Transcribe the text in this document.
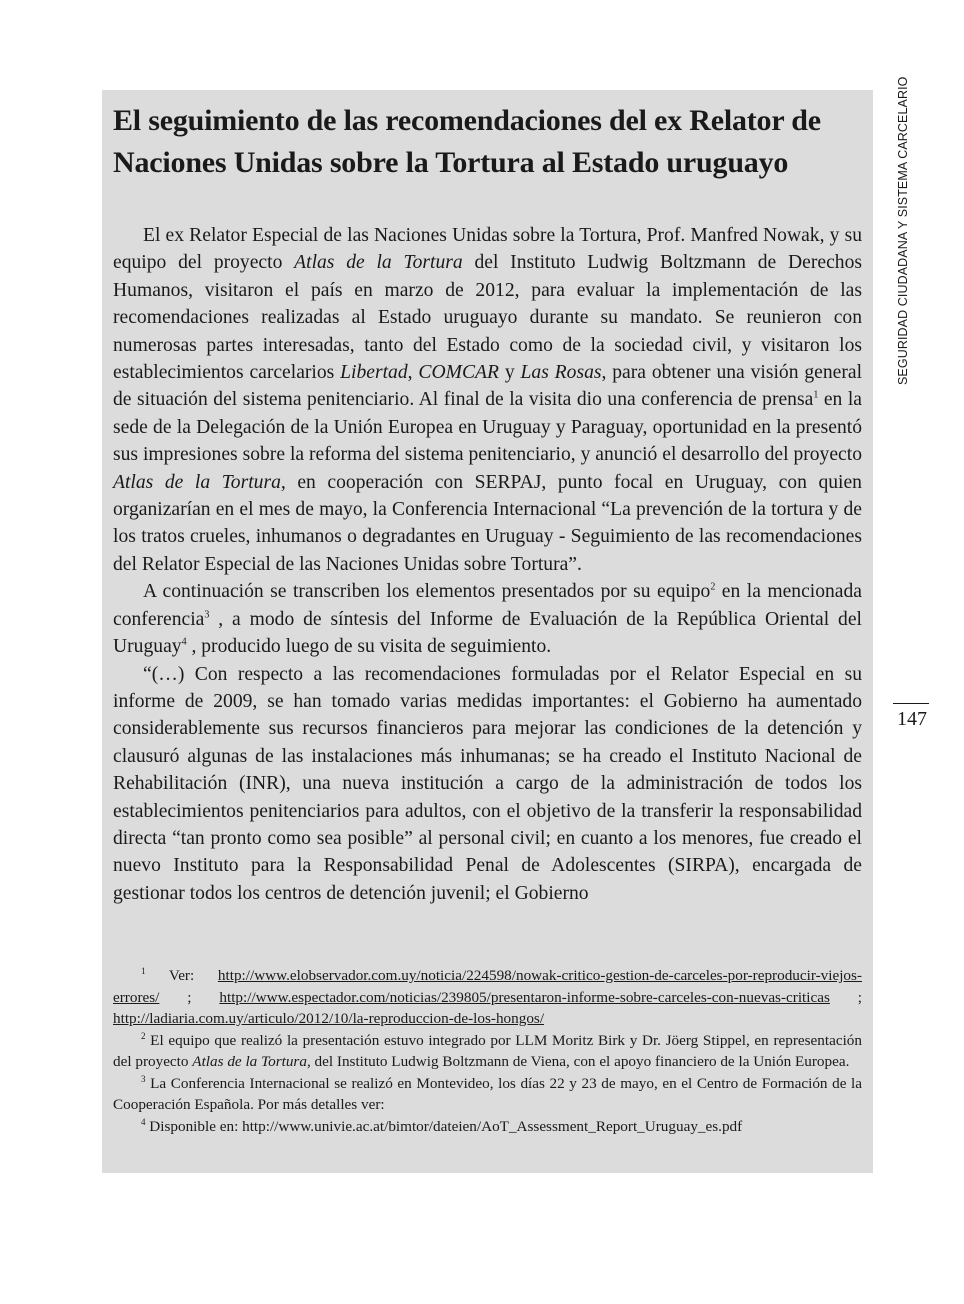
El seguimiento de las recomendaciones del ex Relator de Naciones Unidas sobre la Tortura al Estado uruguayo

El ex Relator Especial de las Naciones Unidas sobre la Tortura, Prof. Manfred Nowak, y su equipo del proyecto Atlas de la Tortura del Instituto Ludwig Boltzmann de Derechos Humanos, visitaron el país en marzo de 2012, para evaluar la implementación de las recomendaciones realizadas al Estado uruguayo durante su mandato. Se reunieron con numerosas partes interesadas, tanto del Estado como de la sociedad civil, y visitaron los establecimientos carcelarios Libertad, COMCAR y Las Rosas, para obtener una visión general de situación del sistema penitenciario. Al final de la visita dio una conferencia de prensa$^1$ en la sede de la Delegación de la Unión Europea en Uruguay y Paraguay, oportunidad en la presentó sus impresiones sobre la reforma del sistema penitenciario, y anunció el desarrollo del proyecto Atlas de la Tortura, en cooperación con SERPAJ, punto focal en Uruguay, con quien organizarían en el mes de mayo, la Conferencia Internacional “La prevención de la tortura y de los tratos crueles, inhumanos o degradantes en Uruguay - Seguimiento de las recomendaciones del Relator Especial de las Naciones Unidas sobre Tortura”.

A continuación se transcriben los elementos presentados por su equipo$^2$ en la mencionada conferencia$^3$ , a modo de síntesis del Informe de Evaluación de la República Oriental del Uruguay$^4$ , producido luego de su visita de seguimiento.

“(…) Con respecto a las recomendaciones formuladas por el Relator Especial en su informe de 2009, se han tomado varias medidas importantes: el Gobierno ha aumentado considerablemente sus recursos financieros para mejorar las condiciones de la detención y clausuró algunas de las instalaciones más inhumanas; se ha creado el Instituto Nacional de Rehabilitación (INR), una nueva institución a cargo de la administración de todos los establecimientos penitenciarios para adultos, con el objetivo de la transferir la responsabilidad directa “tan pronto como sea posible” al personal civil; en cuanto a los menores, fue creado el nuevo Instituto para la Responsabilidad Penal de Adolescentes (SIRPA), encargada de gestionar todos los centros de detención juvenil; el Gobierno

$^1$ Ver: http://www.elobservador.com.uy/noticia/224598/nowak-critico-gestion-de-carceles-por-reproducir-viejos-errores/ ; http://www.espectador.com/noticias/239805/presentaron-informe-sobre-carceles-con-nuevas-criticas ; http://ladiaria.com.uy/articulo/2012/10/la-reproduccion-de-los-hongos/

$^2$ El equipo que realizó la presentación estuvo integrado por LLM Moritz Birk y Dr. Jöerg Stippel, en representación del proyecto Atlas de la Tortura, del Instituto Ludwig Boltzmann de Viena, con el apoyo financiero de la Unión Europea.

$^3$ La Conferencia Internacional se realizó en Montevideo, los días 22 y 23 de mayo, en el Centro de Formación de la Cooperación Española. Por más detalles ver:

$^4$ Disponible en: http://www.univie.ac.at/bimtor/dateien/AoT_Assessment_Report_Uruguay_es.pdf

SEGURIDAD CIUDADANA Y SISTEMA CARCELARIO
147
